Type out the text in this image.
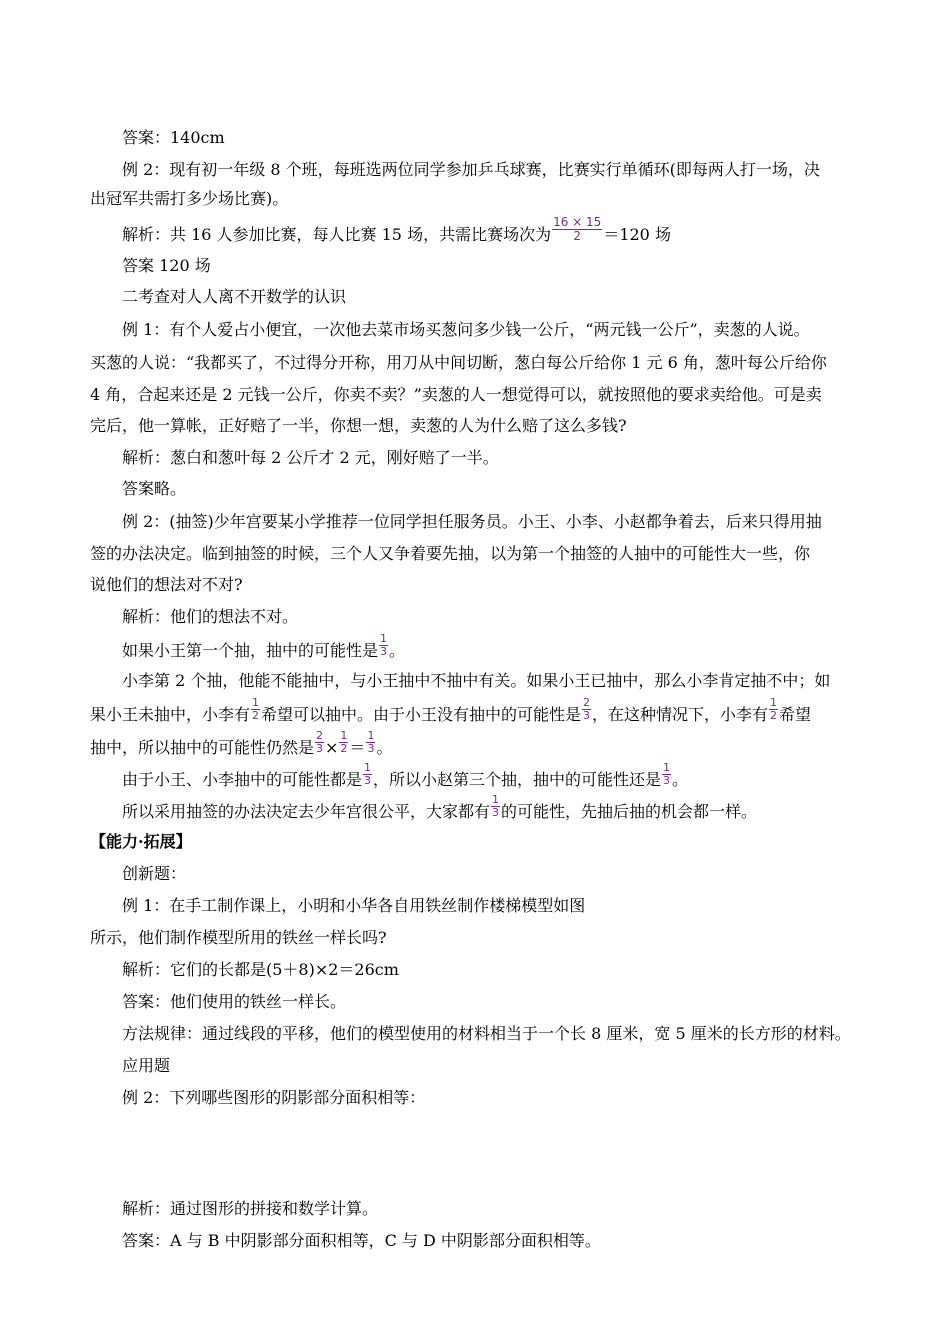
答案：140cm
例 2：现有初一年级 8 个班，每班选两位同学参加乒乓球赛，比赛实行单循环(即每两人打一场，决
出冠军共需打多少场比赛)。
解析：共 16 人参加比赛，每人比赛 15 场，共需比赛场次为 $\frac{16 \times 15}{2} =120$ 场
答案 120 场
二考查对人人离不开数学的认识
例 1：有个人爱占小便宜，一次他去菜市场买葱问多少钱一公斤，“两元钱一公斤”，卖葱的人说。
买葱的人说：“我都买了，不过得分开称，用刀从中间切断，葱白每公斤给你 1 元 6 角，葱叶每公斤给你
4 角，合起来还是 2 元钱一公斤，你卖不卖？”卖葱的人一想觉得可以，就按照他的要求卖给他。可是卖
完后，他一算帐，正好赔了一半，你想一想，卖葱的人为什么赔了这么多钱?
解析：葱白和葱叶每 2 公斤才 2 元，刚好赔了一半。
答案略。
例 2：(抽签)少年宫要某小学推荐一位同学担任服务员。小王、小李、小赵都争着去，后来只得用抽
签的办法决定。临到抽签的时候，三个人又争着要先抽，以为第一个抽签的人抽中的可能性大一些，你
说他们的想法对不对?
解析：他们的想法不对。
如果小王第一个抽，抽中的可能性是 $\frac{1}{3}$ 。
小李第 2 个抽，他能不能抽中，与小王抽中不抽中有关。如果小王已抽中，那么小李肯定抽不中；如
果小王未抽中，小李有 $\frac{1}{2}$ 希望可以抽中。由于小王没有抽中的可能性是 $\frac{2}{3}$ ，在这种情况下，小李有 $\frac{1}{2}$ 希望
抽中，所以抽中的可能性仍然是 $\frac{2}{3} \times \frac{1}{2} = \frac{1}{3}$ 。
由于小王、小李抽中的可能性都是 $\frac{1}{3}$ ，所以小赵第三个抽，抽中的可能性还是 $\frac{1}{3}$ 。
所以采用抽签的办法决定去少年宫很公平，大家都有 $\frac{1}{3}$ 的可能性，先抽后抽的机会都一样。
【能力·拓展】
创新题：
例 1：在手工制作课上，小明和小华各自用铁丝制作楼梯模型如图
所示，他们制作模型所用的铁丝一样长吗?
解析：它们的长都是(5＋8)×2＝26cm
答案：他们使用的铁丝一样长。
方法规律：通过线段的平移，他们的模型使用的材料相当于一个长 8 厘米，宽 5 厘米的长方形的材料。
应用题
例 2：下列哪些图形的阴影部分面积相等：
解析：通过图形的拼接和数学计算。
答案：A 与 B 中阴影部分面积相等，C 与 D 中阴影部分面积相等。
